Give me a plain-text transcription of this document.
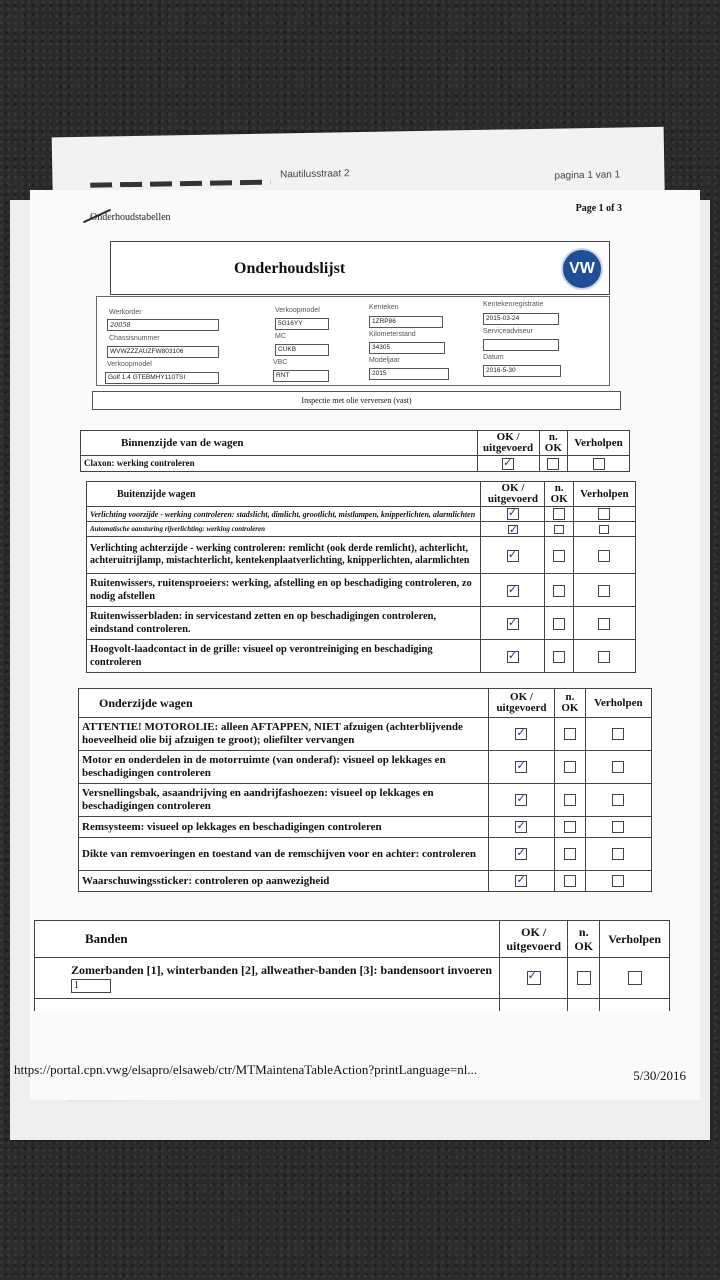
Nautilusstraat 2	pagina 1 van 1
Onderhoudstabellen
Page 1 of 3
Onderhoudslijst	VW
Werkorder
20058
Verkoopmodel
5G16YY
Kenteken
1ZRP86
Kentekenregistratie
2015-03-24
Chassisnummer
WVWZZZAUZFW803106
MC
CUKB
Kilometerstand
34305
Serviceadviseur
Verkoopmodel
Golf 1.4 GTEBMHY110TSI
VBC
RNT
Modeljaar
2015
Datum
2016-5-30
Inspectie met olie verversen (vast)
Binnenzijde van de wagen	OK / uitgevoerd	n. OK	Verholpen
Claxon: werking controleren	✓		
Buitenzijde wagen	OK / uitgevoerd	n. OK	Verholpen
Verlichting voorzijde - werking controleren: stadslicht, dimlicht, grootlicht, mistlampen, knipperlichten, alarmlichten	✓		
Automatische aansturing rijverlichting: werking controleren	✓		
Verlichting achterzijde - werking controleren: remlicht (ook derde remlicht), achterlicht, achteruitrijlamp, mistachterlicht, kentekenplaatverlichting, knipperlichten, alarmlichten	✓		
Ruitenwissers, ruitensproeiers: werking, afstelling en op beschadiging controleren, zo nodig afstellen	✓		
Ruitenwisserbladen: in servicestand zetten en op beschadigingen controleren, eindstand controleren.	✓		
Hoogvolt-laadcontact in de grille: visueel op verontreiniging en beschadiging controleren	✓		
Onderzijde wagen	OK / uitgevoerd	n. OK	Verholpen
ATTENTIE! MOTOROLIE: alleen AFTAPPEN, NIET afzuigen (achterblijvende hoeveelheid olie bij afzuigen te groot); oliefilter vervangen	✓		
Motor en onderdelen in de motorruimte (van onderaf): visueel op lekkages en beschadigingen controleren	✓		
Versnellingsbak, asaandrijving en aandrijfashoezen: visueel op lekkages en beschadigingen controleren	✓		
Remsysteem: visueel op lekkages en beschadigingen controleren	✓		
Dikte van remvoeringen en toestand van de remschijven voor en achter: controleren	✓		
Waarschuwingssticker: controleren op aanwezigheid	✓		
Banden	OK / uitgevoerd	n. OK	Verholpen
Zomerbanden [1], winterbanden [2], allweather-banden [3]: bandensoort invoeren 1	✓		

https://portal.cpn.vwg/elsapro/elsaweb/ctr/MTMaintenaTableAction?printLanguage=nl...	5/30/2016
